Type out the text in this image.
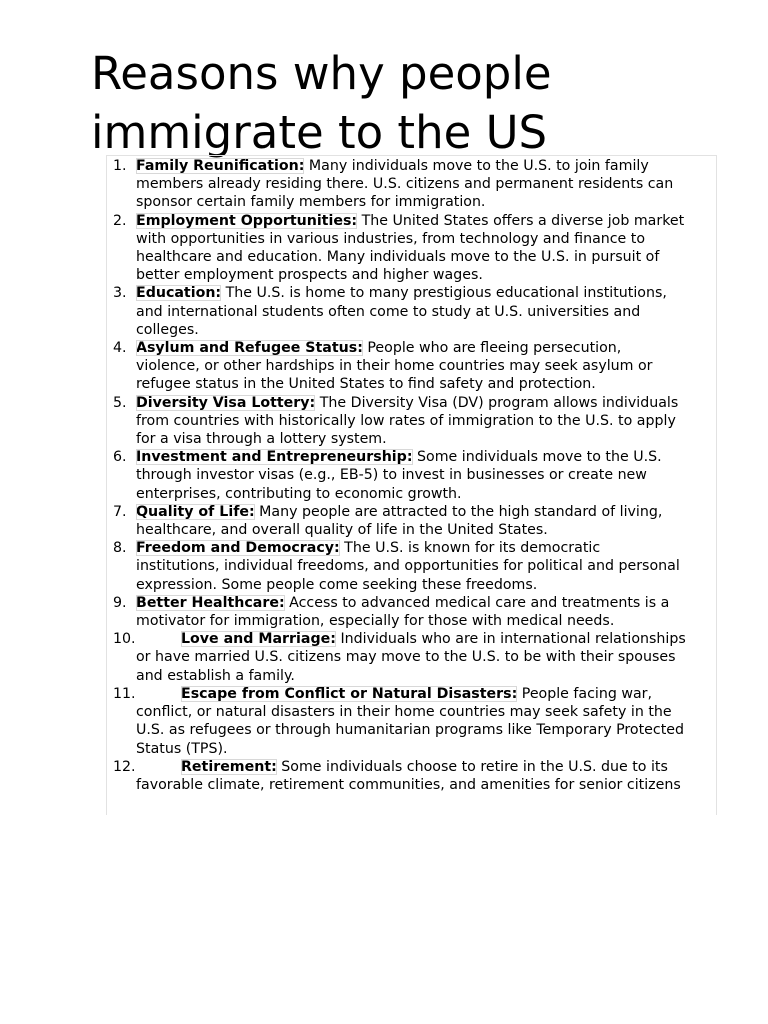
Reasons why people immigrate to the US
1. Family Reunification: Many individuals move to the U.S. to join family members already residing there. U.S. citizens and permanent residents can sponsor certain family members for immigration.
2. Employment Opportunities: The United States offers a diverse job market with opportunities in various industries, from technology and finance to healthcare and education. Many individuals move to the U.S. in pursuit of better employment prospects and higher wages.
3. Education: The U.S. is home to many prestigious educational institutions, and international students often come to study at U.S. universities and colleges.
4. Asylum and Refugee Status: People who are fleeing persecution, violence, or other hardships in their home countries may seek asylum or refugee status in the United States to find safety and protection.
5. Diversity Visa Lottery: The Diversity Visa (DV) program allows individuals from countries with historically low rates of immigration to the U.S. to apply for a visa through a lottery system.
6. Investment and Entrepreneurship: Some individuals move to the U.S. through investor visas (e.g., EB-5) to invest in businesses or create new enterprises, contributing to economic growth.
7. Quality of Life: Many people are attracted to the high standard of living, healthcare, and overall quality of life in the United States.
8. Freedom and Democracy: The U.S. is known for its democratic institutions, individual freedoms, and opportunities for political and personal expression. Some people come seeking these freedoms.
9. Better Healthcare: Access to advanced medical care and treatments is a motivator for immigration, especially for those with medical needs.
10.	Love and Marriage: Individuals who are in international relationships or have married U.S. citizens may move to the U.S. to be with their spouses and establish a family.
11.	Escape from Conflict or Natural Disasters: People facing war, conflict, or natural disasters in their home countries may seek safety in the U.S. as refugees or through humanitarian programs like Temporary Protected Status (TPS).
12.	Retirement: Some individuals choose to retire in the U.S. due to its favorable climate, retirement communities, and amenities for senior citizens
